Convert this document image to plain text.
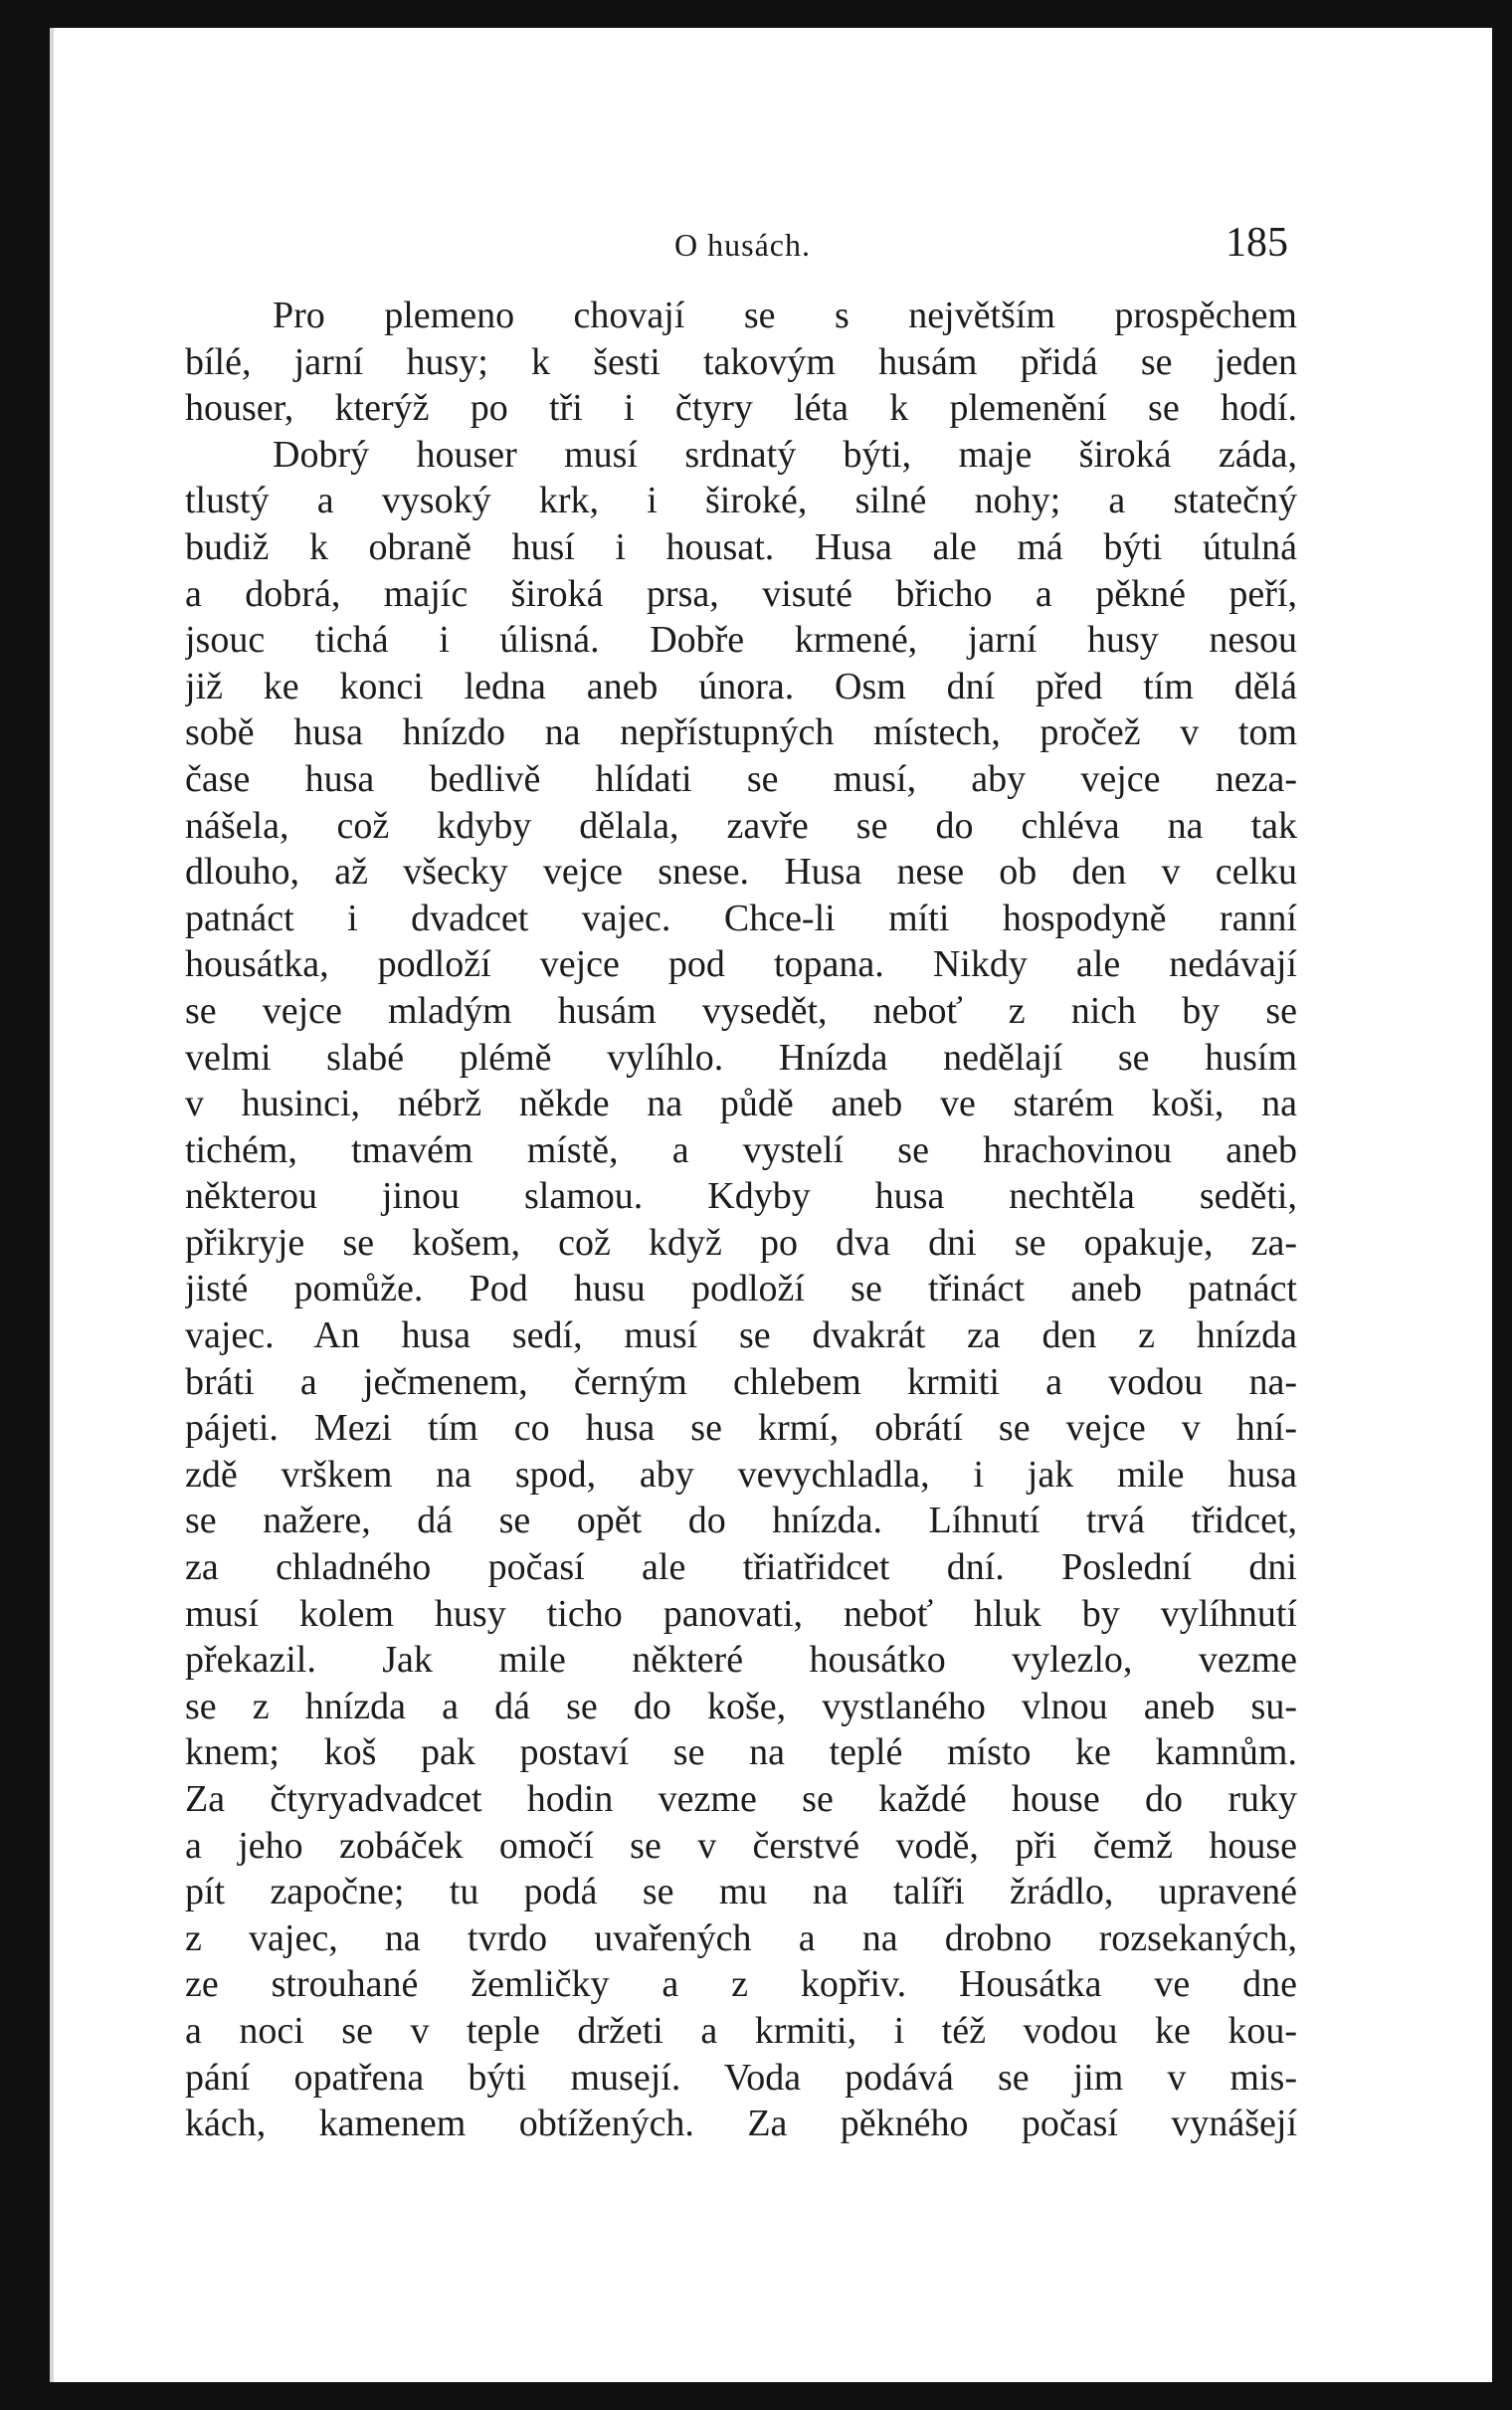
O husách.	185
Pro plemeno chovají se s největším prospěchem
bílé, jarní husy; k šesti takovým husám přidá se jeden
houser, kterýž po tři i čtyry léta k plemenění se hodí.
Dobrý houser musí srdnatý býti, maje široká záda,
tlustý a vysoký krk, i široké, silné nohy; a statečný
budiž k obraně husí i housat. Husa ale má býti útulná
a dobrá, majíc široká prsa, visuté břicho a pěkné peří,
jsouc tichá i úlisná. Dobře krmené, jarní husy nesou
již ke konci ledna aneb února. Osm dní před tím dělá
sobě husa hnízdo na nepřístupných místech, pročež v tom
čase husa bedlivě hlídati se musí, aby vejce neza-
nášela, což kdyby dělala, zavře se do chléva na tak
dlouho, až všecky vejce snese. Husa nese ob den v celku
patnáct i dvadcet vajec. Chce-li míti hospodyně ranní
housátka, podloží vejce pod topana. Nikdy ale nedávají
se vejce mladým husám vysedět, neboť z nich by se
velmi slabé plémě vylíhlo. Hnízda nedělají se husím
v husinci, nébrž někde na půdě aneb ve starém koši, na
tichém, tmavém místě, a vystelí se hrachovinou aneb
některou jinou slamou. Kdyby husa nechtěla seděti,
přikryje se košem, což když po dva dni se opakuje, za-
jisté pomůže. Pod husu podloží se třináct aneb patnáct
vajec. An husa sedí, musí se dvakrát za den z hnízda
bráti a ječmenem, černým chlebem krmiti a vodou na-
pájeti. Mezi tím co husa se krmí, obrátí se vejce v hní-
zdě vrškem na spod, aby vevychladla, i jak mile husa
se nažere, dá se opět do hnízda. Líhnutí trvá třidcet,
za chladného počasí ale třiatřidcet dní. Poslední dni
musí kolem husy ticho panovati, neboť hluk by vylíhnutí
překazil. Jak mile některé housátko vylezlo, vezme
se z hnízda a dá se do koše, vystlaného vlnou aneb su-
knem; koš pak postaví se na teplé místo ke kamnům.
Za čtyryadvadcet hodin vezme se každé house do ruky
a jeho zobáček omočí se v čerstvé vodě, při čemž house
pít započne; tu podá se mu na talíři žrádlo, upravené
z vajec, na tvrdo uvařených a na drobno rozsekaných,
ze strouhané žemličky a z kopřiv. Housátka ve dne
a noci se v teple držeti a krmiti, i též vodou ke kou-
pání opatřena býti musejí. Voda podává se jim v mis-
kách, kamenem obtížených. Za pěkného počasí vynášejí
